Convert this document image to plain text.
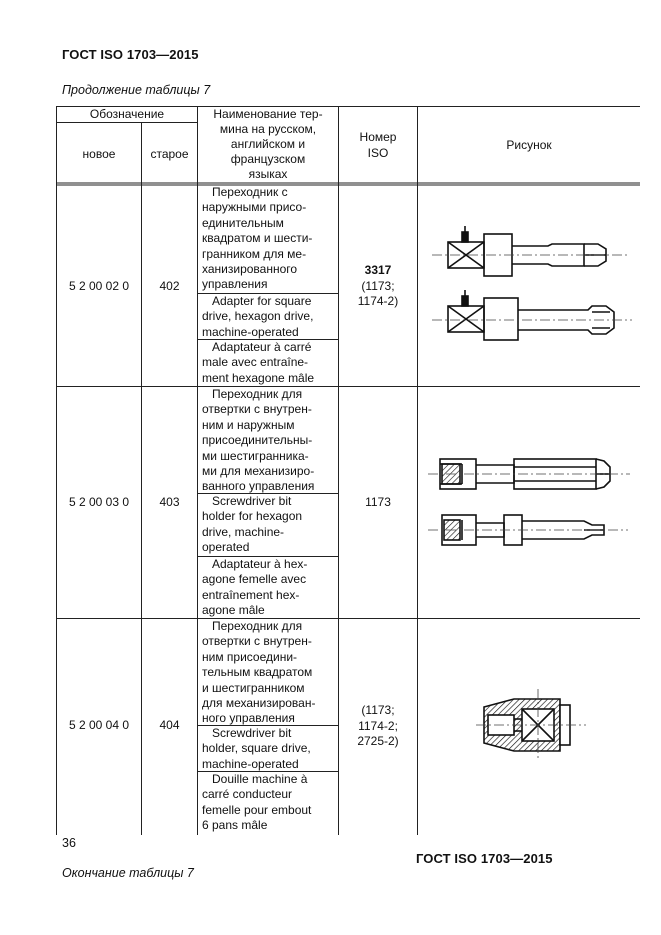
ГОСТ ISO 1703—2015
Продолжение таблицы 7
Обозначение
новое	старое
Наименование тер-
мина на русском,
английском и
французском
языках
Номер
ISO
Рисунок
5 2 00 02 0	402
Переходник с
наружными присо-
единительным
квадратом и шести-
гранником для ме-
ханизированного
управления
Adapter for square
drive, hexagon drive,
machine-operated
Adaptateur à carré
male avec entraîne-
ment hexagone mâle
3317
(1173;
1174-2)
5 2 00 03 0	403
Переходник для
отвертки с внутрен-
ним и наружным
присоединительны-
ми шестигранника-
ми для механизиро-
ванного управления
Screwdriver bit
holder for hexagon
drive, machine-
operated
Adaptateur à hex-
agone femelle avec
entraînement hex-
agone mâle
1173
5 2 00 04 0	404
Переходник для
отвертки с внутрен-
ним присоедини-
тельным квадратом
и шестигранником
для механизирован-
ного управления
Screwdriver bit
holder, square drive,
machine-operated
Douille machine à
carré conducteur
femelle pour embout
6 pans mâle
(1173;
1174-2;
2725-2)
36
ГОСТ ISO 1703—2015
Окончание таблицы 7
